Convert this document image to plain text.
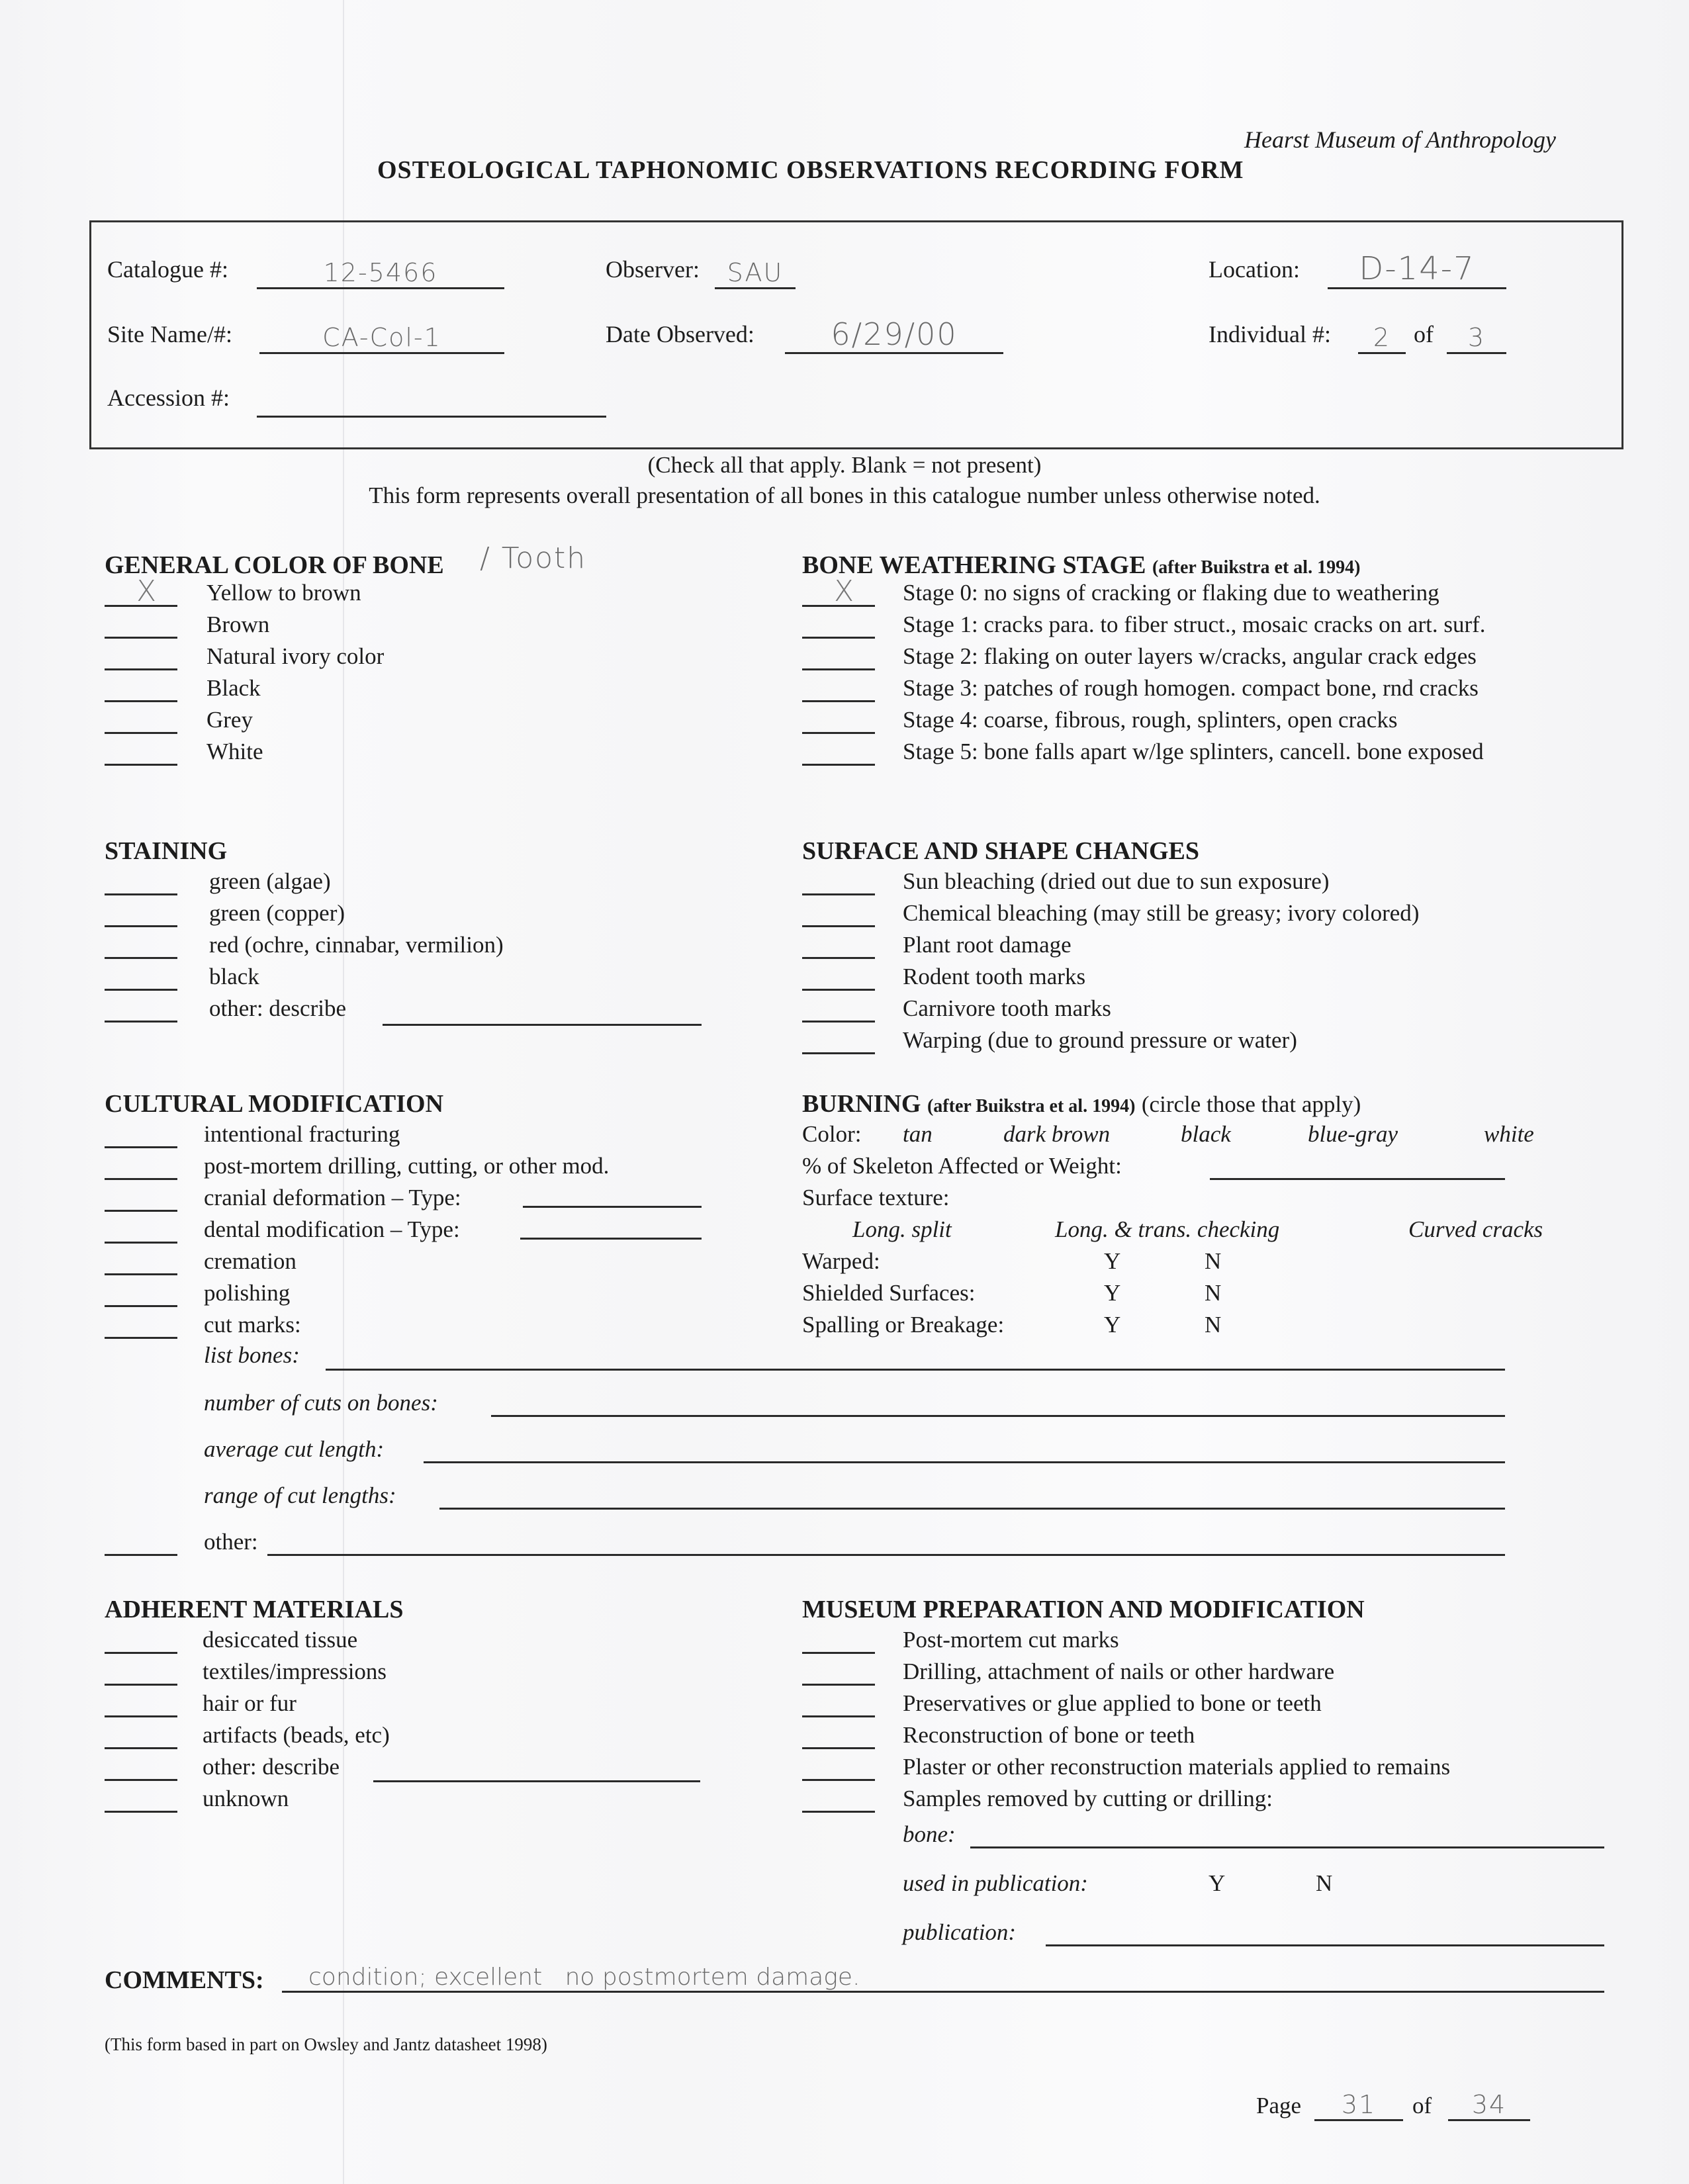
Hearst Museum of Anthropology
OSTEOLOGICAL TAPHONOMIC OBSERVATIONS RECORDING FORM
Catalogue #:	12-5466	Observer: SAU	Location: D-14-7
Site Name/#:	CA-Col-1	Date Observed:	6/29/00	Individual #: 2 of 3
Accession #:
(Check all that apply. Blank = not present)
This form represents overall presentation of all bones in this catalogue number unless otherwise noted.
GENERAL COLOR OF BONE / Tooth
X Yellow to brown
Brown
Natural ivory color
Black
Grey
White
BONE WEATHERING STAGE (after Buikstra et al. 1994)
X Stage 0: no signs of cracking or flaking due to weathering
Stage 1: cracks para. to fiber struct., mosaic cracks on art. surf.
Stage 2: flaking on outer layers w/cracks, angular crack edges
Stage 3: patches of rough homogen. compact bone, rnd cracks
Stage 4: coarse, fibrous, rough, splinters, open cracks
Stage 5: bone falls apart w/lge splinters, cancell. bone exposed
STAINING
green (algae)
green (copper)
red (ochre, cinnabar, vermilion)
black
other: describe
SURFACE AND SHAPE CHANGES
Sun bleaching (dried out due to sun exposure)
Chemical bleaching (may still be greasy; ivory colored)
Plant root damage
Rodent tooth marks
Carnivore tooth marks
Warping (due to ground pressure or water)
CULTURAL MODIFICATION
intentional fracturing
post-mortem drilling, cutting, or other mod.
cranial deformation – Type:
dental modification – Type:
cremation
polishing
cut marks:
list bones:
number of cuts on bones:
average cut length:
range of cut lengths:
other:
BURNING (after Buikstra et al. 1994) (circle those that apply)
Color: tan	dark brown	black	blue-gray	white
% of Skeleton Affected or Weight:
Surface texture:
Long. split	Long. & trans. checking	Curved cracks
Warped:	Y	N
Shielded Surfaces:	Y	N
Spalling or Breakage:	Y	N
ADHERENT MATERIALS
desiccated tissue
textiles/impressions
hair or fur
artifacts (beads, etc)
other: describe
unknown
MUSEUM PREPARATION AND MODIFICATION
Post-mortem cut marks
Drilling, attachment of nails or other hardware
Preservatives or glue applied to bone or teeth
Reconstruction of bone or teeth
Plaster or other reconstruction materials applied to remains
Samples removed by cutting or drilling:
bone:
used in publication:	Y	N
publication:
COMMENTS:	condition; excellent   no postmortem damage.
(This form based in part on Owsley and Jantz datasheet 1998)
Page 31 of 34
